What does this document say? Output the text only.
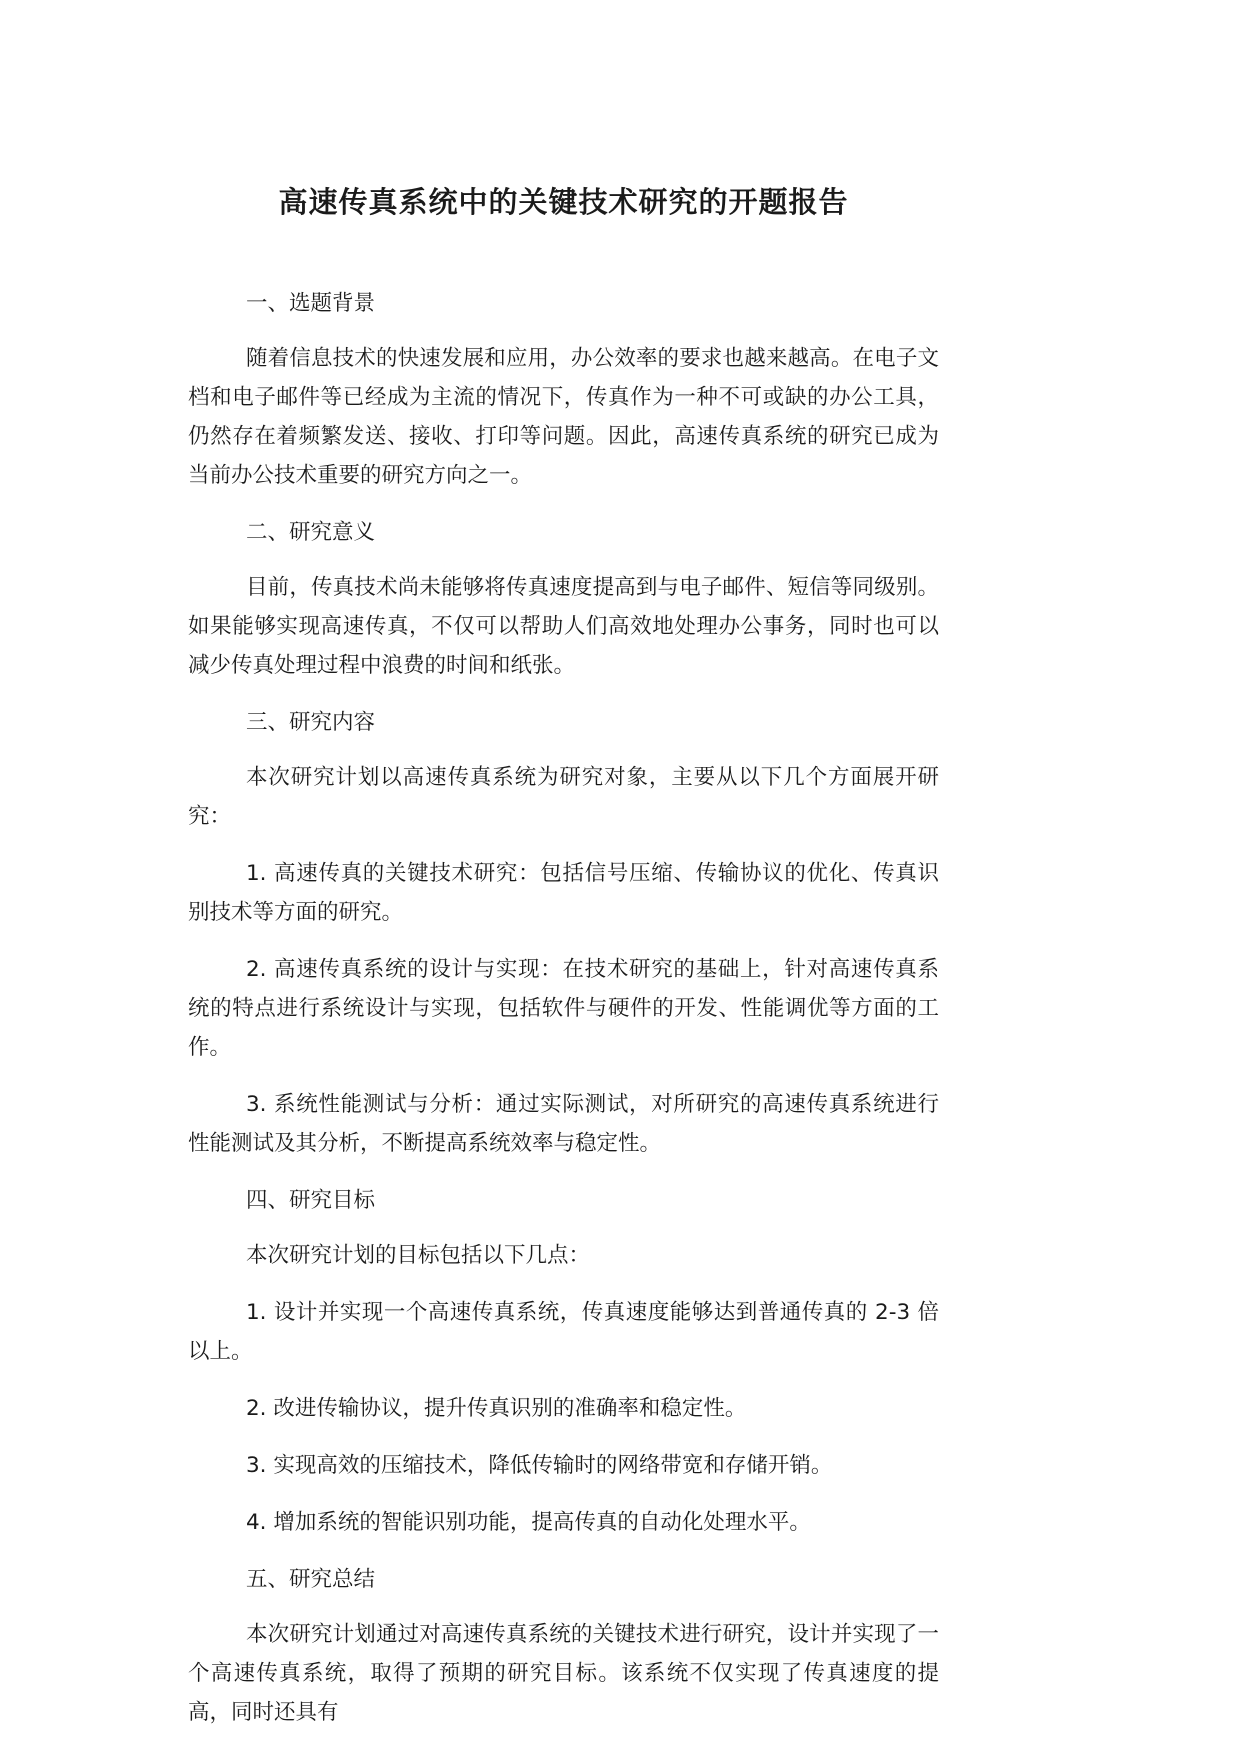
高速传真系统中的关键技术研究的开题报告

一、选题背景

随着信息技术的快速发展和应用，办公效率的要求也越来越高。在电子文档和电子邮件等已经成为主流的情况下，传真作为一种不可或缺的办公工具，仍然存在着频繁发送、接收、打印等问题。因此，高速传真系统的研究已成为当前办公技术重要的研究方向之一。

二、研究意义

目前，传真技术尚未能够将传真速度提高到与电子邮件、短信等同级别。如果能够实现高速传真，不仅可以帮助人们高效地处理办公事务，同时也可以减少传真处理过程中浪费的时间和纸张。

三、研究内容

本次研究计划以高速传真系统为研究对象，主要从以下几个方面展开研究：

1. 高速传真的关键技术研究：包括信号压缩、传输协议的优化、传真识别技术等方面的研究。

2. 高速传真系统的设计与实现：在技术研究的基础上，针对高速传真系统的特点进行系统设计与实现，包括软件与硬件的开发、性能调优等方面的工作。

3. 系统性能测试与分析：通过实际测试，对所研究的高速传真系统进行性能测试及其分析，不断提高系统效率与稳定性。

四、研究目标

本次研究计划的目标包括以下几点：

1. 设计并实现一个高速传真系统，传真速度能够达到普通传真的 2-3 倍以上。

2. 改进传输协议，提升传真识别的准确率和稳定性。

3. 实现高效的压缩技术，降低传输时的网络带宽和存储开销。

4. 增加系统的智能识别功能，提高传真的自动化处理水平。

五、研究总结

本次研究计划通过对高速传真系统的关键技术进行研究，设计并实现了一个高速传真系统，取得了预期的研究目标。该系统不仅实现了传真速度的提高，同时还具有
